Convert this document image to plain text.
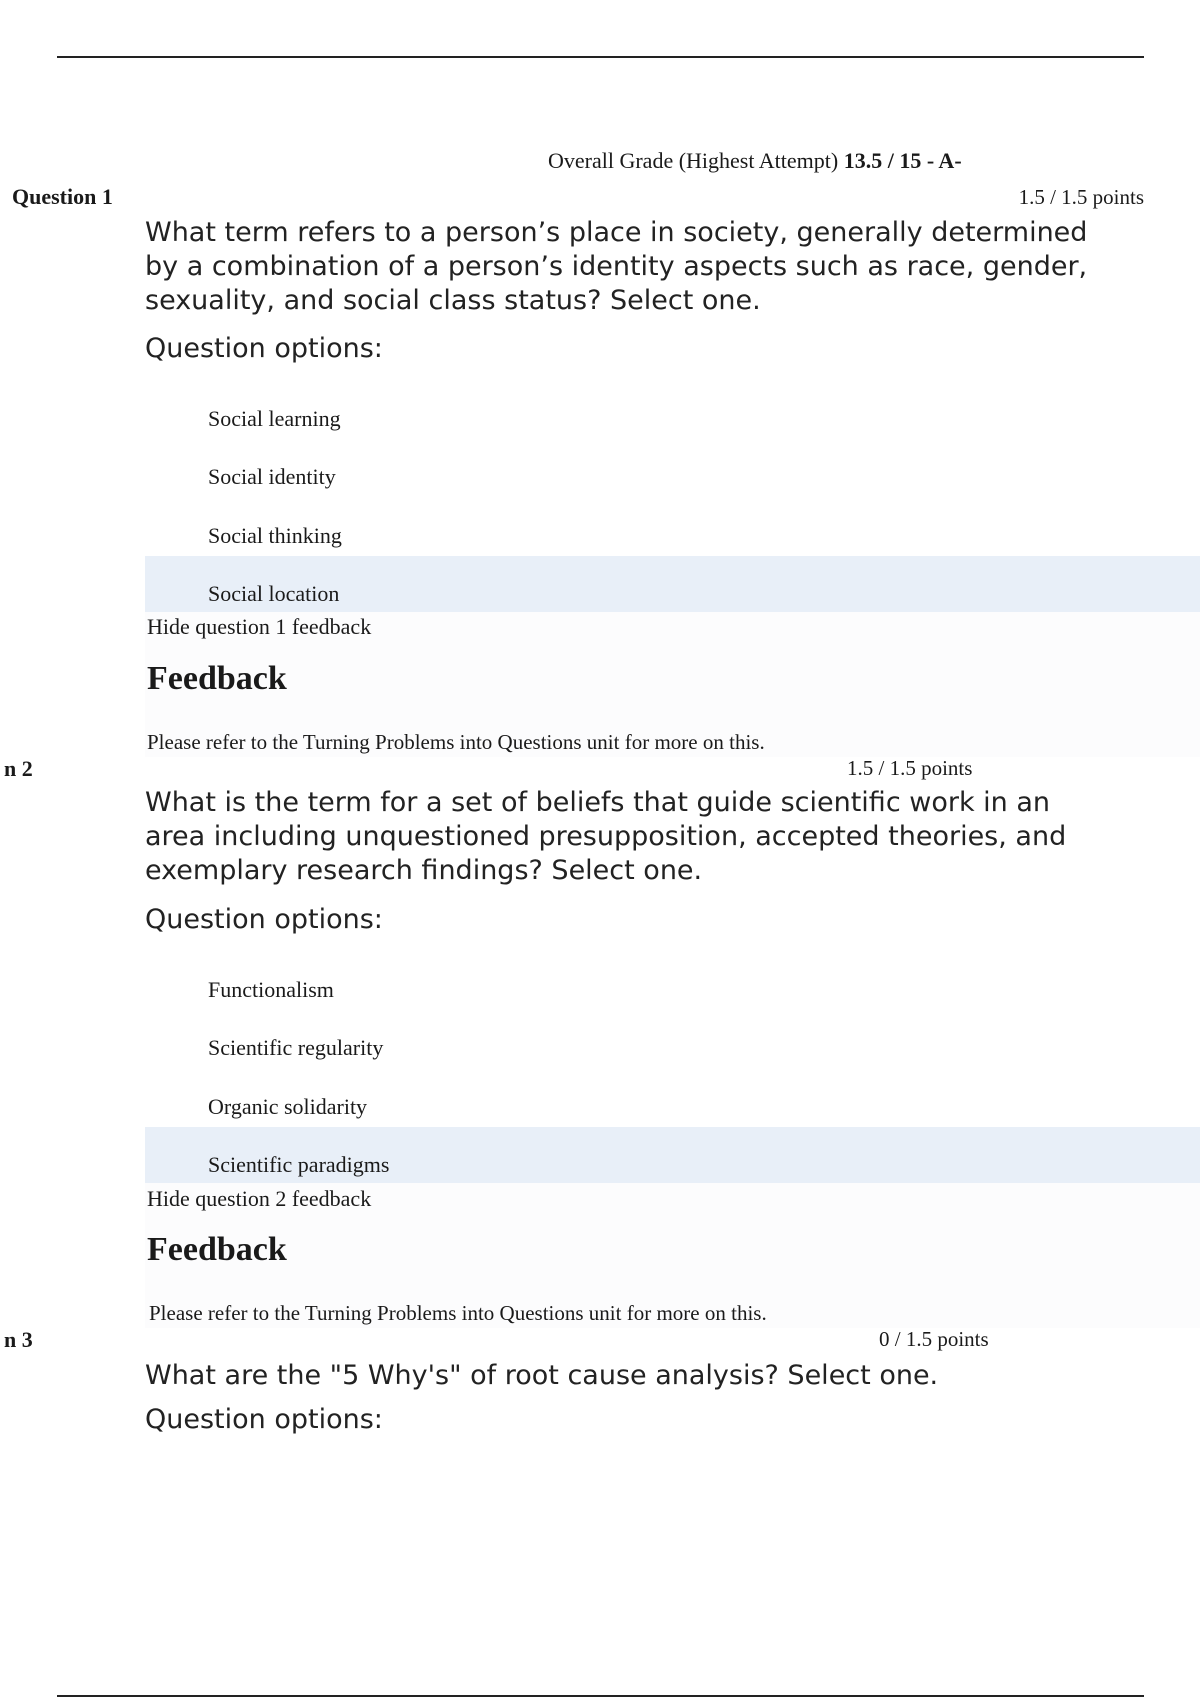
Overall Grade (Highest Attempt) 13.5 / 15 - A-
Question 1	1.5 / 1.5 points
What term refers to a person’s place in society, generally determined by a combination of a person’s identity aspects such as race, gender, sexuality, and social class status? Select one.
Question options:
Social learning
Social identity
Social thinking
Social location
Hide question 1 feedback
Feedback
Please refer to the Turning Problems into Questions unit for more on this.
n 2	1.5 / 1.5 points
What is the term for a set of beliefs that guide scientific work in an area including unquestioned presupposition, accepted theories, and exemplary research findings? Select one.
Question options:
Functionalism
Scientific regularity
Organic solidarity
Scientific paradigms
Hide question 2 feedback
Feedback
Please refer to the Turning Problems into Questions unit for more on this.
n 3	0 / 1.5 points
What are the "5 Why's" of root cause analysis? Select one.
Question options:
